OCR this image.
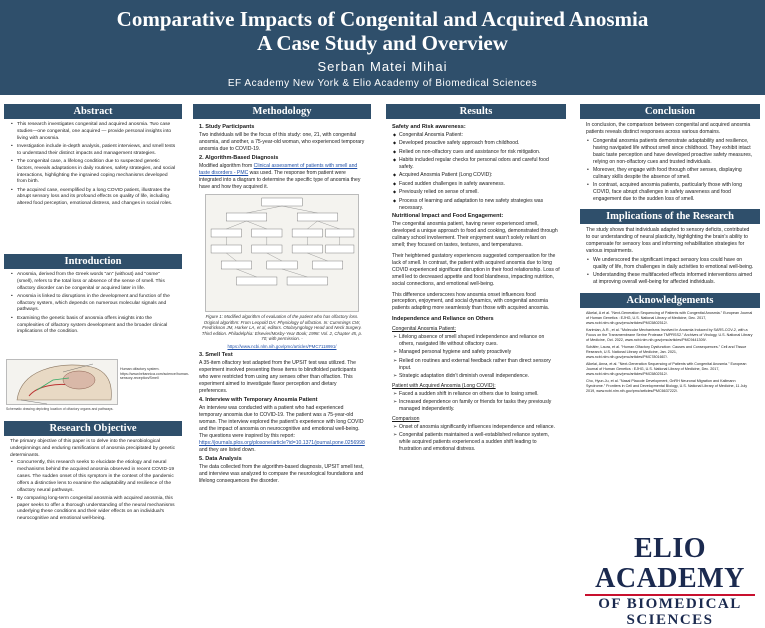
Comparative Impacts of Congenital and Acquired Anosmia
A Case Study and Overview
Serban Matei Mihai
EF Academy New York & Elio Academy of Biomedical Sciences
Abstract
• This research investigates congenital and acquired anosmia. Two case studies—one congenital, one acquired — provide personal insights into living with anosmia.
• Investigation include in-depth analysis, patient interviews, and smell tests to understand their distinct impacts and management strategies.
• The congenital case, a lifelong condition due to suspected genetic factors, reveals adaptations in daily routines, safety strategies, and social interactions, highlighting the ingrained coping mechanisms developed from birth.
• The acquired case, exemplified by a long COVID patient, illustrates the abrupt sensory loss and its profound effects on quality of life, including altered food perception, emotional distress, and changes in social roles.
Introduction
• Anosmia, derived from the Greek words "an" (without) and "osme" (smell), refers to the total loss or absence of the sense of smell. This olfactory disorder can be congenital or acquired later in life.
• Anosmia is linked to disruptions in the development and function of the olfactory system, which depends on numerous molecular signals and pathways.
• Examining the genetic basis of anosmia offers insights into the complexities of olfactory system development and the broader clinical implications of the condition.
Human olfactory system.
https://www.britannica.com/science/human-sensory-reception/Smell
Schematic drawing depicting location of olfactory organs and pathways.
Research Objective
The primary objective of this paper is to delve into the neurobiological underpinnings and enduring ramifications of anosmia precipitated by genetic determinants.
• Concurrently, this research seeks to elucidate the etiology and neural mechanisms behind the acquired anosmia observed in recent COVID-19 cases. The sudden onset of this symptom in the context of the pandemic offers a distinctive lens to examine the adaptability and resilience of the olfactory neural pathways.
• By comparing long-term congenital anosmia with acquired anosmia, this paper seeks to offer a thorough understanding of the neural mechanisms underlying these conditions and their wider effects on an individual's neurocognitive and emotional well-being.
Methodology
1. Study Participants
Two individuals will be the focus of this study: one, 21, with congenital anosmia, and another, a 75-year-old woman, who experienced temporary anosmia due to COVID-19.
2. Algorithm-Based Diagnosis
Modified algorithm from Clinical assessment of patients with smell and taste disorders - PMC was used. The response from patient were integrated into a diagram to determine the specific type of anosmia they have and how they acquired it.
Figure 1: Modified algorithm of evaluation of the patient who has olfactory loss. Original algorithm: From Leopold DA: Physiology of olfaction. In: Cummings CW, Fredrickson JM, Harker LA, et al, editors. Otolaryngology Head and Neck Surgery. Third edition. Philadelphia: Elsevier/Mosby-Year Book; 1998: Vol. 2, Chapter 45, p. 70; with permission. -
https://www.ncbi.nlm.nih.gov/pmc/articles/PMC7118991/
3. Smell Test
A 35-item olfactory test adapted from the UPSIT test was utilized. The experiment involved presenting these items to blindfolded participants who were restricted from using any senses other than olfaction. This experiment aimed to investigate flavor perception and dietary preferences.
4. Interview with Temporary Anosmia Patient
An interview was conducted with a patient who had experienced temporary anosmia due to COVID-19. The patient was a 75-year-old woman. The interview explored the patient's experience with long COVID and the impact of anosmia on neurocognitive and emotional well-being. The questions were inspired by this report:
https://journals.plos.org/plosone/article?id=10.1371/journal.pone.0256998 and they are listed down.
5. Data Analysis
The data collected from the algorithm-based diagnosis, UPSIT smell test, and interview was analyzed to compare the neurological foundations and lifelong consequences the disorder.
Results
Safety and Risk awareness:
◆ Congenital Anosmia Patient:
◆ Developed proactive safety approach from childhood.
◆ Relied on non-olfactory cues and assistance for risk mitigation.
◆ Habits included regular checks for personal odors and careful food safety.
◆ Acquired Anosmia Patient (Long COVID):
◆ Faced sudden challenges in safety awareness.
◆ Previously relied on sense of smell.
◆ Process of learning and adaptation to new safety strategies was necessary.
Nutritional Impact and Food Engagement:
The congenital anosmia patient, having never experienced smell, developed a unique approach to food and cooking, demonstrated through culinary school involvement. Their enjoyment wasn't solely reliant on smell; they focused on tastes, textures, and temperatures.
Their heightened gustatory experiences suggested compensation for the lack of smell. In contrast, the patient with acquired anosmia due to long COVID experienced significant disruption in their food relationship. Loss of smell led to decreased appetite and food blandness, impacting nutrition, social connections, and emotional well-being.
This difference underscores how anosmia onset influences food perception, enjoyment, and social dynamics, with congenital anosmia patients adapting more seamlessly than those with acquired anosmia.
Independence and Reliance on Others
Congenital Anosmia Patient:
➢ Lifelong absence of smell shaped independence and reliance on others, navigated life without olfactory cues.
➢ Managed personal hygiene and safety proactively
➢ Relied on routines and external feedback rather than direct sensory input.
➢ Strategic adaptation didn't diminish overall independence.
Patient with Acquired Anosmia (Long COVID):
➢ Faced a sudden shift in reliance on others due to losing smell.
➢ Increased dependence on family or friends for tasks they previously managed independently.
Comparison
➢ Onset of anosmia significantly influences independence and reliance.
➢ Congenital patients maintained a well-established reliance system, while acquired patients experienced a sudden shift leading to frustration and emotional distress.
Conclusion
In conclusion, the comparison between congenital and acquired anosmia patients reveals distinct responses across various domains.
• Congenital anosmia patients demonstrate adaptability and resilience, having navigated life without smell since childhood. They exhibit intact basic taste perception and have developed proactive safety measures, relying on non-olfactory cues and trusted individuals.
• Moreover, they engage with food through other senses, displaying culinary skills despite the absence of smell.
• In contrast, acquired anosmia patients, particularly those with long COVID, face abrupt challenges in safety awareness and food engagement due to the sudden loss of smell.
Implications of the Research
The study shows that individuals adapted to sensory deficits, contributed to our understanding of neural plasticity, highlighting the brain's ability to compensate for sensory loss and informing rehabilitation strategies for various impairments.
• We underscored the significant impact sensory loss could have on quality of life, from challenges in daily activities to emotional well-being.
• Understanding these multifaceted effects informed interventions aimed at improving overall well-being for affected individuals.
Acknowledgements
Alkelai, A et al. "Next-Generation Sequencing of Patients with Congenital Anosmia." European Journal of Human Genetics : EJHG, U.S. National Library of Medicine, Dec. 2017, www.ncbi.nlm.nih.gov/pmc/articles/PMC5802512/.
Karimian, A.R., et al. "Molecular Mechanisms Involved in Anosmia Induced by SARS-COV-2, with a Focus on the Transmembrane Serine Protease TMPRSS2." Archives of Virology, U.S. National Library of Medicine, Oct. 2022, www.ncbi.nlm.nih.gov/pmc/articles/PMC9441309/.
Schäfer, Laura, et al. "Human Olfactory Dysfunction: Causes and Consequences." Cell and Tissue Research, U.S. National Library of Medicine, Jan. 2021, www.ncbi.nlm.nih.gov/pmc/articles/PMC7801667/.
Alkelai, Anna, et al. "Next-Generation Sequencing of Patients with Congenital Anosmia." European Journal of Human Genetics : EJHG, U.S. National Library of Medicine, Dec. 2017, www.ncbi.nlm.nih.gov/pmc/articles/PMC5802512/.
Cho, Hyun-Ju, et al. "Nasal Placode Development, GnRH Neuronal Migration and Kallmann Syndrome." Frontiers in Cell and Developmental Biology, U.S. National Library of Medicine, 11 July 2019, www.ncbi.nlm.nih.gov/pmc/articles/PMC6637222/.
ELIO ACADEMY
OF BIOMEDICAL SCIENCES
